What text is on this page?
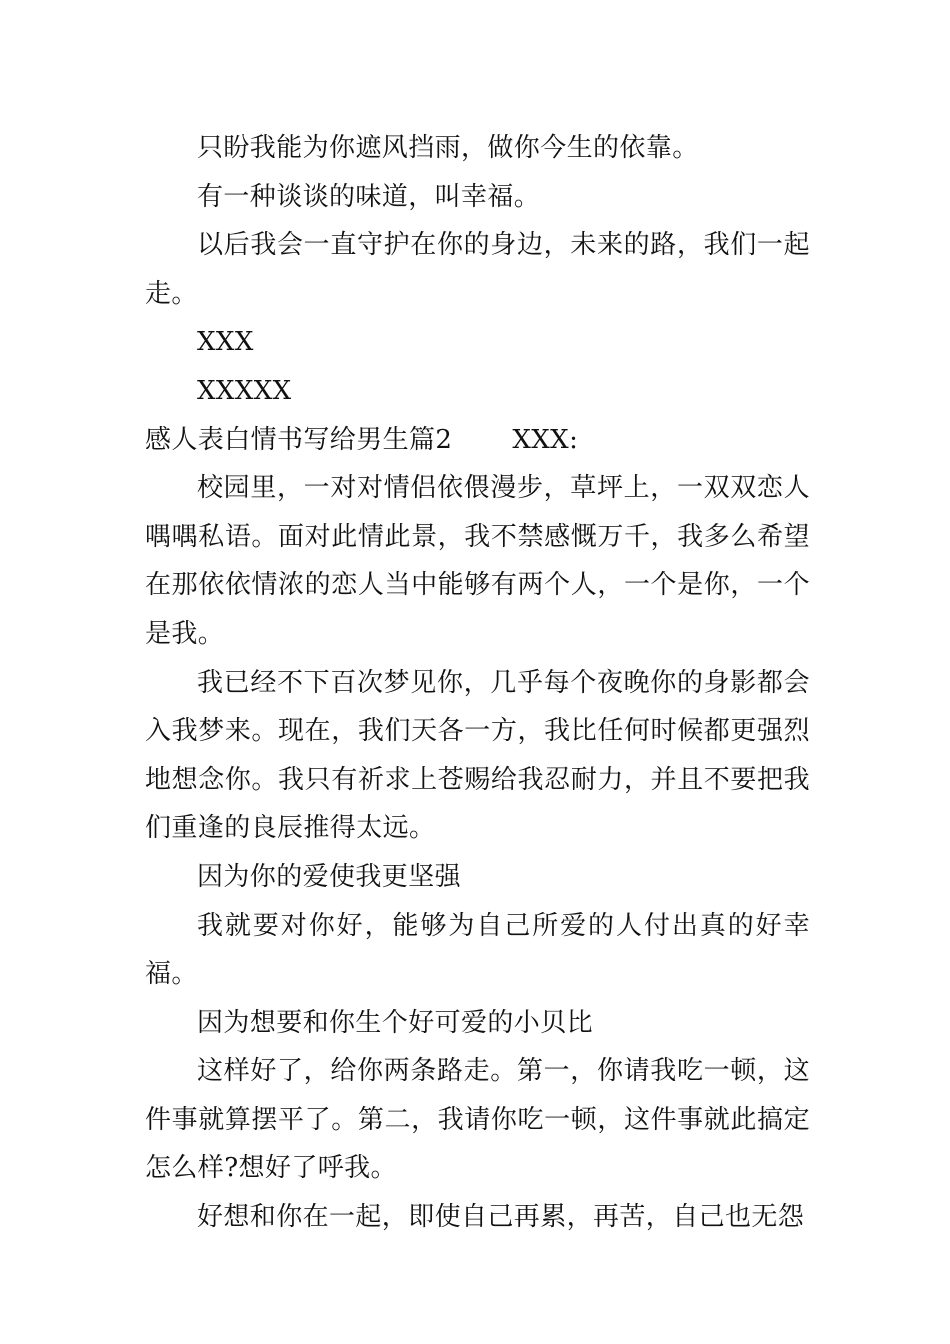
只盼我能为你遮风挡雨，做你今生的依靠。

有一种谈谈的味道，叫幸福。

以后我会一直守护在你的身边，未来的路，我们一起走。

XXX

XXXXX

感人表白情书写给男生篇2 XXX:

校园里，一对对情侣依偎漫步，草坪上，一双双恋人喁喁私语。面对此情此景，我不禁感慨万千，我多么希望在那依依情浓的恋人当中能够有两个人，一个是你，一个是我。

我已经不下百次梦见你，几乎每个夜晚你的身影都会入我梦来。现在，我们天各一方，我比任何时候都更强烈地想念你。我只有祈求上苍赐给我忍耐力，并且不要把我们重逢的良辰推得太远。

因为你的爱使我更坚强

我就要对你好，能够为自己所爱的人付出真的好幸福。

因为想要和你生个好可爱的小贝比

这样好了，给你两条路走。第一，你请我吃一顿，这件事就算摆平了。第二，我请你吃一顿，这件事就此搞定怎么样?想好了呼我。

好想和你在一起，即使自己再累，再苦，自己也无怨
